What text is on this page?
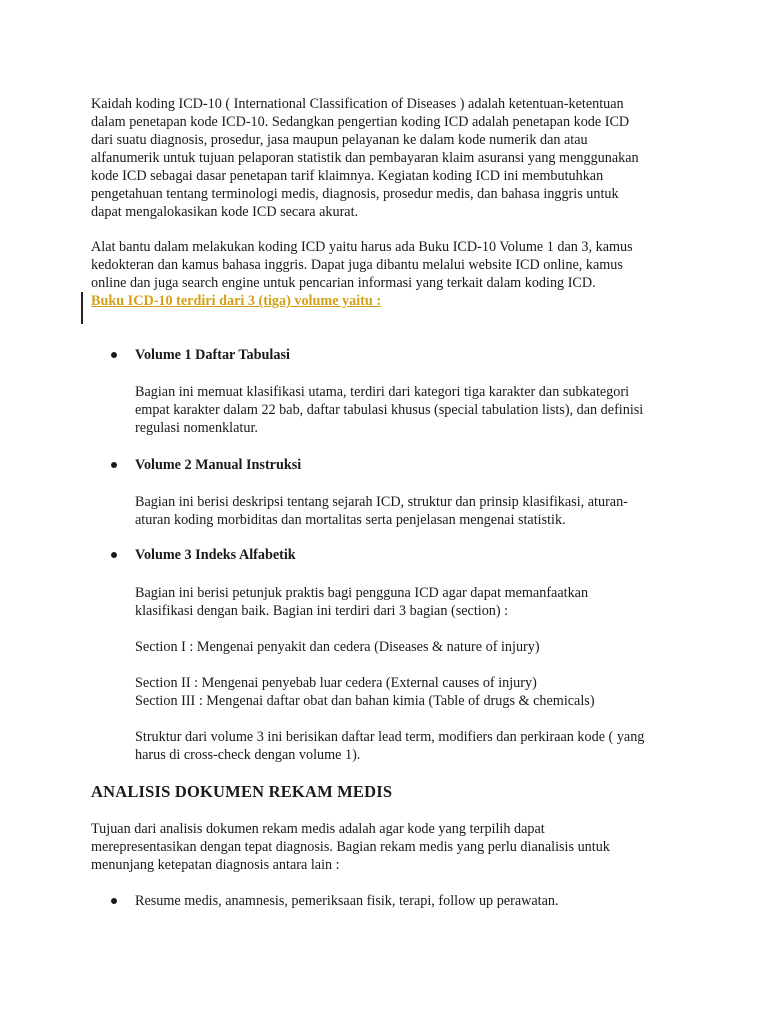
Kaidah koding ICD-10 ( International Classification of Diseases ) adalah ketentuan-ketentuan
dalam penetapan kode ICD-10. Sedangkan pengertian koding ICD adalah penetapan kode ICD
dari suatu diagnosis, prosedur, jasa maupun pelayanan ke dalam kode numerik dan atau
alfanumerik untuk tujuan pelaporan statistik dan pembayaran klaim asuransi yang menggunakan
kode ICD sebagai dasar penetapan tarif klaimnya. Kegiatan koding ICD ini membutuhkan
pengetahuan tentang terminologi medis, diagnosis, prosedur medis, dan bahasa inggris untuk
dapat mengalokasikan kode ICD secara akurat.

Alat bantu dalam melakukan koding ICD yaitu harus ada Buku ICD-10 Volume 1 dan 3, kamus
kedokteran dan kamus bahasa inggris. Dapat juga dibantu melalui website ICD online, kamus
online dan juga search engine untuk pencarian informasi yang terkait dalam koding ICD.

Buku ICD-10 terdiri dari 3 (tiga) volume yaitu :

Volume 1 Daftar Tabulasi

Bagian ini memuat klasifikasi utama, terdiri dari kategori tiga karakter dan subkategori
empat karakter dalam 22 bab, daftar tabulasi khusus (special tabulation lists), dan definisi
regulasi nomenklatur.

Volume 2 Manual Instruksi

Bagian ini berisi deskripsi tentang sejarah ICD, struktur dan prinsip klasifikasi, aturan-
aturan koding morbiditas dan mortalitas serta penjelasan mengenai statistik.

Volume 3 Indeks Alfabetik

Bagian ini berisi petunjuk praktis bagi pengguna ICD agar dapat memanfaatkan
klasifikasi dengan baik. Bagian ini terdiri dari 3 bagian (section) :

Section I : Mengenai penyakit dan cedera (Diseases & nature of injury)

Section II : Mengenai penyebab luar cedera (External causes of injury)

Section III : Mengenai daftar obat dan bahan kimia (Table of drugs & chemicals)

Struktur dari volume 3 ini berisikan daftar lead term, modifiers dan perkiraan kode ( yang
harus di cross-check dengan volume 1).

ANALISIS DOKUMEN REKAM MEDIS

Tujuan dari analisis dokumen rekam medis adalah agar kode yang terpilih dapat
merepresentasikan dengan tepat diagnosis. Bagian rekam medis yang perlu dianalisis untuk
menunjang ketepatan diagnosis antara lain :

Resume medis, anamnesis, pemeriksaan fisik, terapi, follow up perawatan.
